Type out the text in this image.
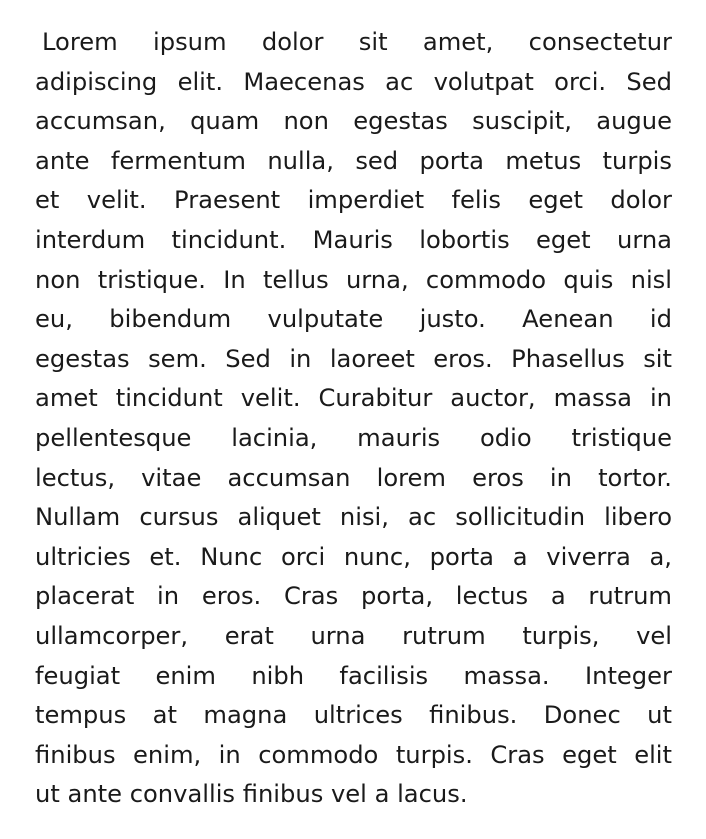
Lorem ipsum dolor sit amet, consectetur
adipiscing elit. Maecenas ac volutpat orci. Sed
accumsan, quam non egestas suscipit, augue
ante fermentum nulla, sed porta metus turpis
et velit. Praesent imperdiet felis eget dolor
interdum tincidunt. Mauris lobortis eget urna
non tristique. In tellus urna, commodo quis nisl
eu, bibendum vulputate justo. Aenean id
egestas sem. Sed in laoreet eros. Phasellus sit
amet tincidunt velit. Curabitur auctor, massa in
pellentesque lacinia, mauris odio tristique
lectus, vitae accumsan lorem eros in tortor.
Nullam cursus aliquet nisi, ac sollicitudin libero
ultricies et. Nunc orci nunc, porta a viverra a,
placerat in eros. Cras porta, lectus a rutrum
ullamcorper, erat urna rutrum turpis, vel
feugiat enim nibh facilisis massa. Integer
tempus at magna ultrices finibus. Donec ut
finibus enim, in commodo turpis. Cras eget elit
ut ante convallis finibus vel a lacus.
